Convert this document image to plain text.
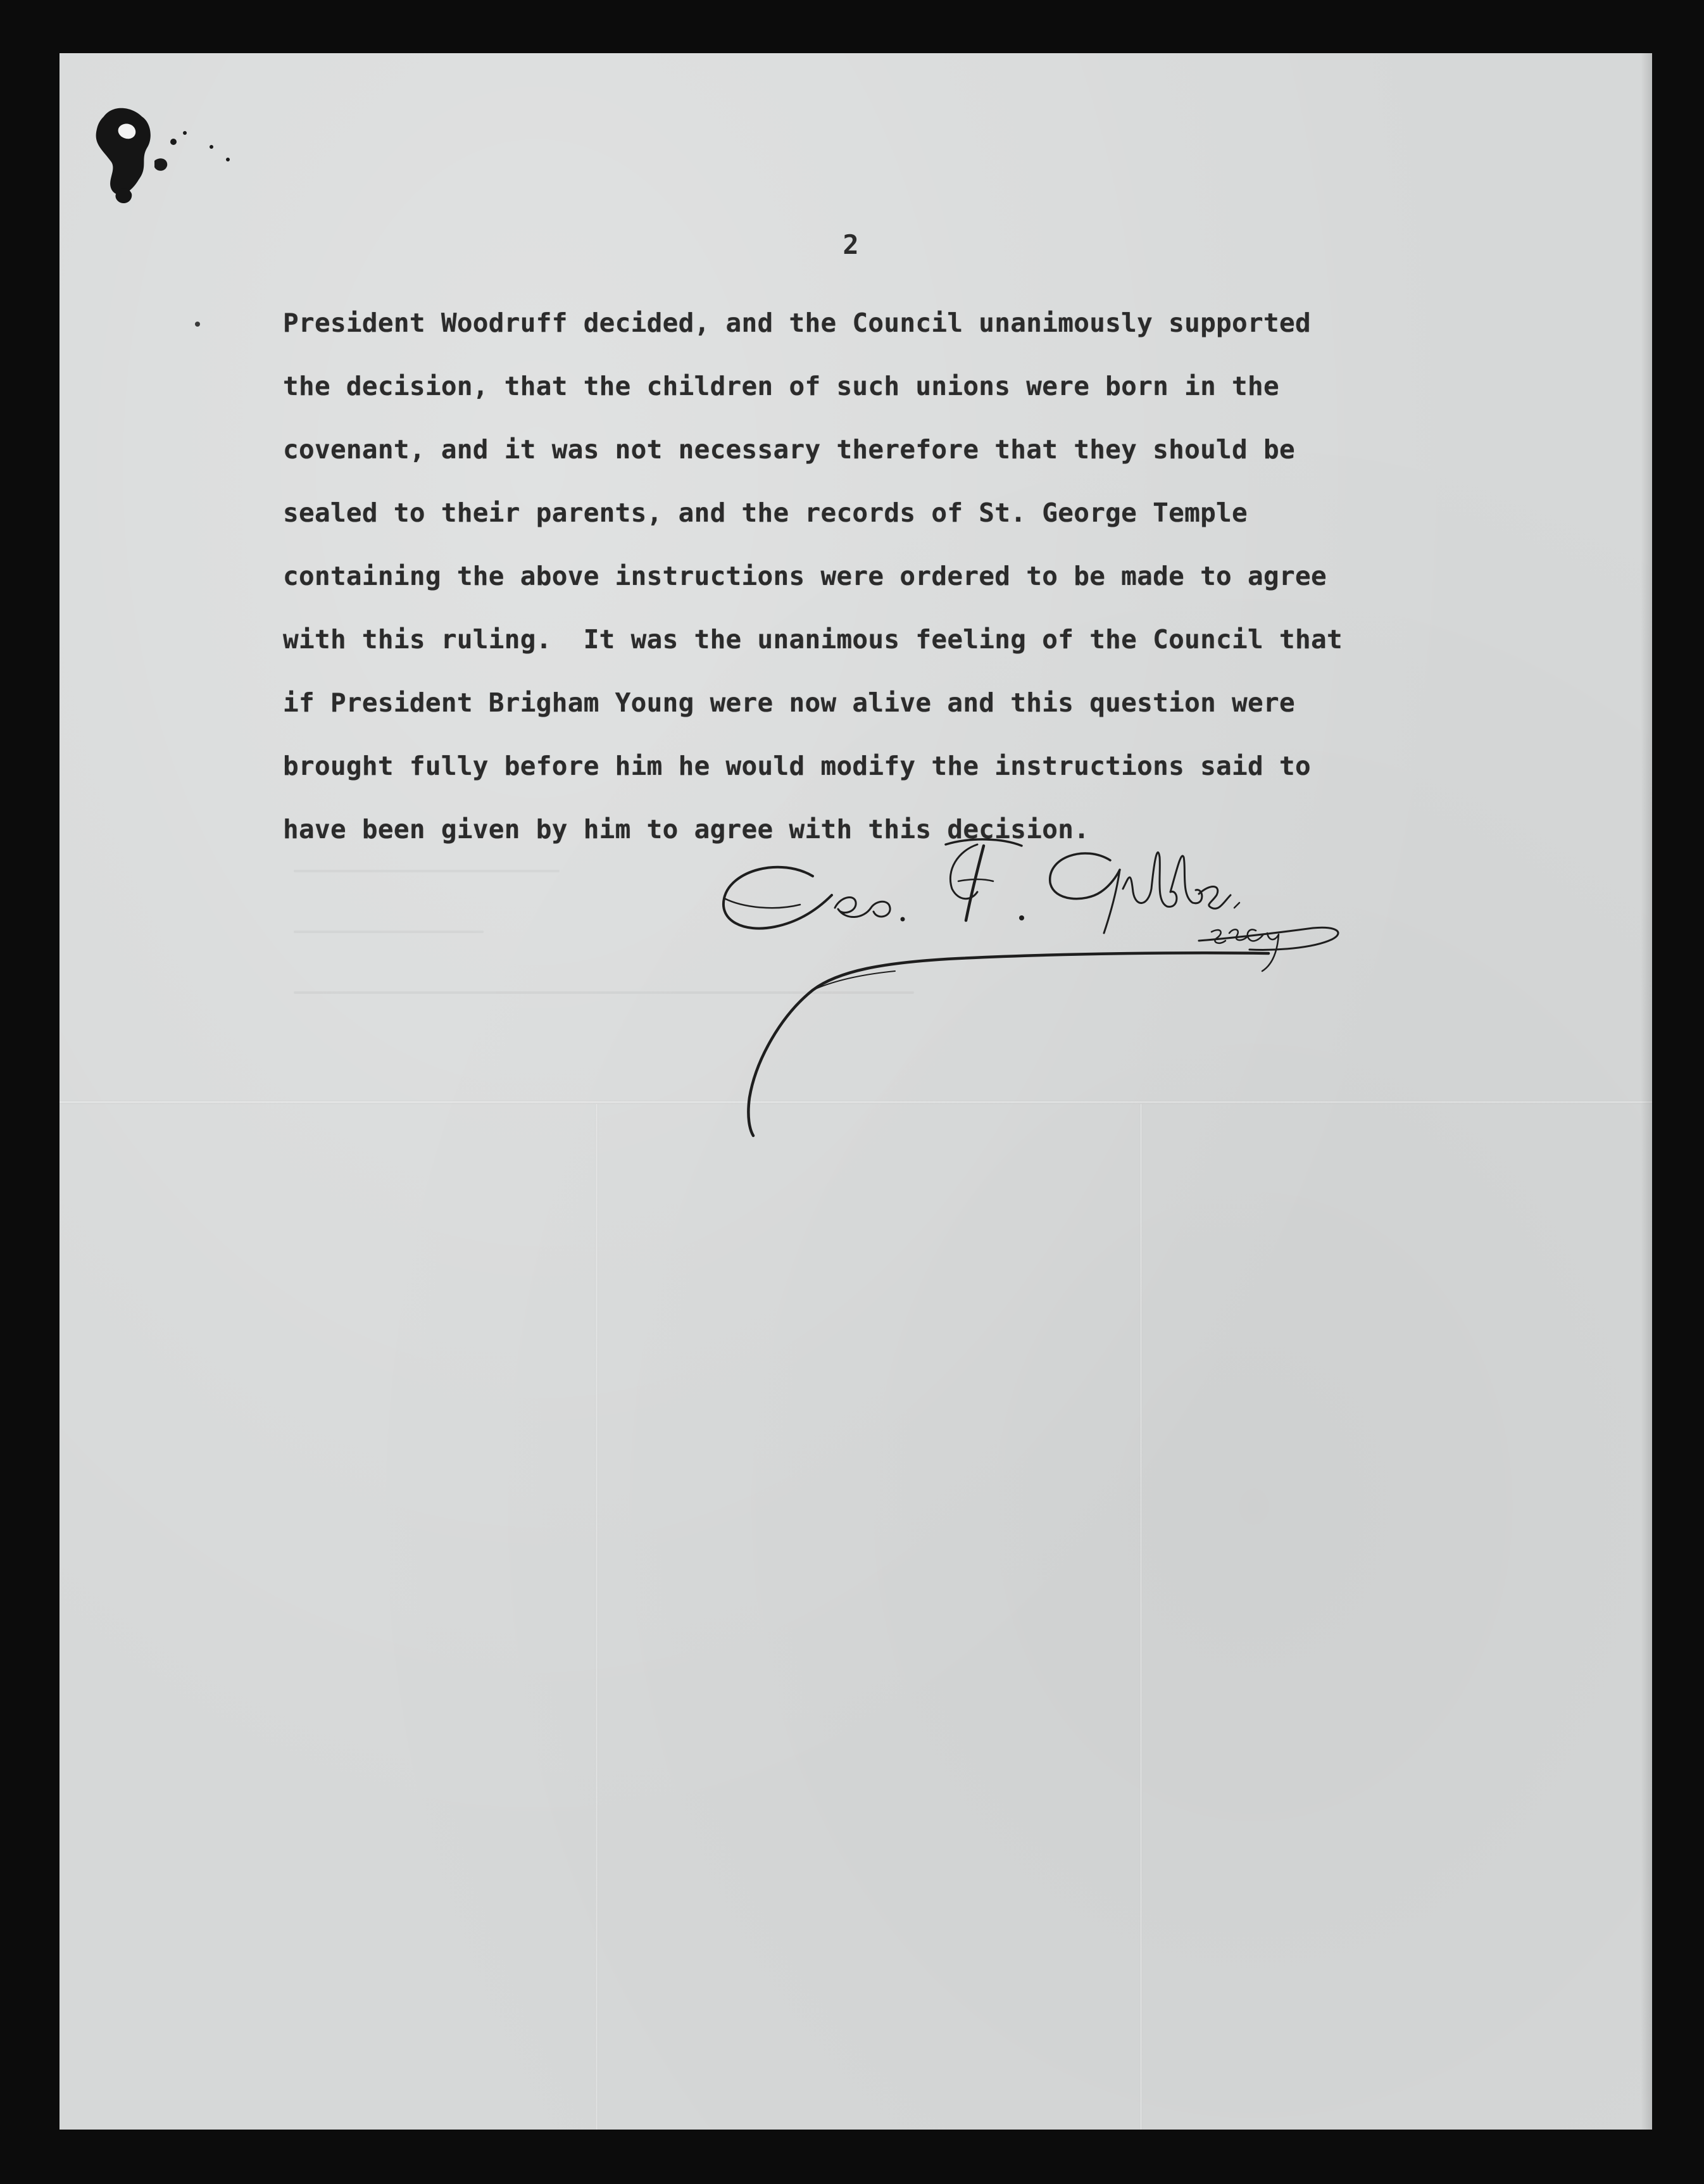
2
President Woodruff decided, and the Council unanimously supported
the decision, that the children of such unions were born in the
covenant, and it was not necessary therefore that they should be
sealed to their parents, and the records of St. George Temple
containing the above instructions were ordered to be made to agree
with this ruling.  It was the unanimous feeling of the Council that
if President Brigham Young were now alive and this question were
brought fully before him he would modify the instructions said to
have been given by him to agree with this decision.
